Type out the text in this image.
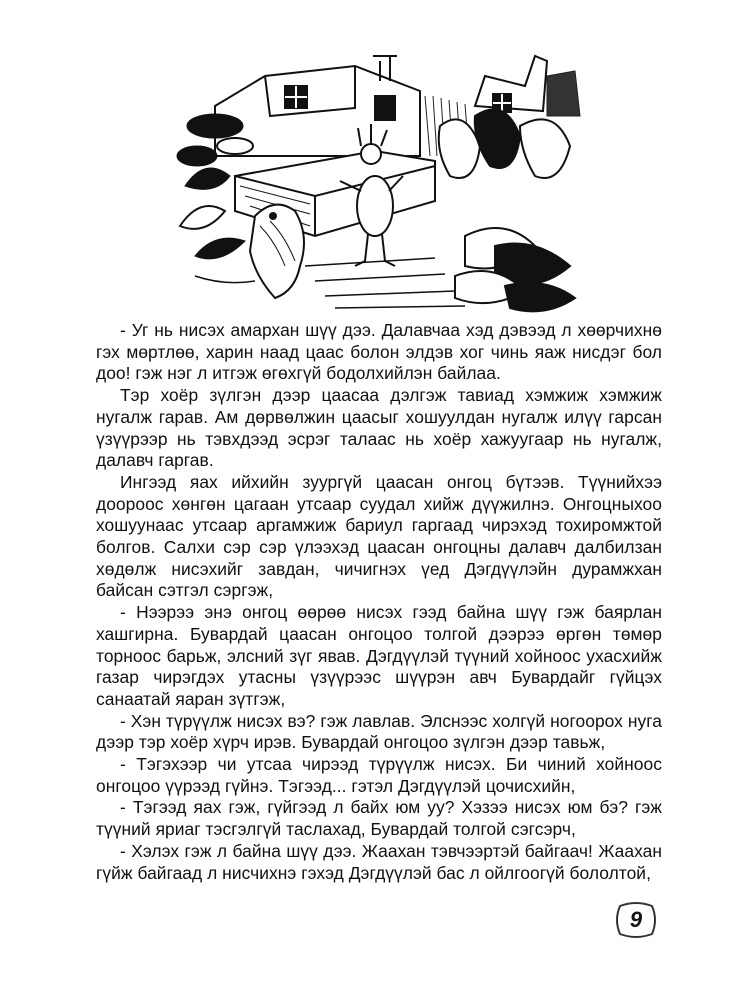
- Уг нь нисэх амархан шүү дээ. Далавчаа хэд дэвээд л хөөрчихнө гэх мөртлөө, харин наад цаас болон элдэв хог чинь яаж нисдэг бол доо! гэж нэг л итгэж өгөхгүй бодолхийлэн байлаа.

Тэр хоёр зүлгэн дээр цаасаа дэлгэж тавиад хэмжиж хэмжиж нугалж гарав. Ам дөрвөлжин цаасыг хошуулдан нугалж илүү гарсан үзүүрээр нь тэвхдээд эсрэг талаас нь хоёр хажуугаар нь нугалж, далавч гаргав.

Ингээд яах ийхийн зуургүй цаасан онгоц бүтээв. Түүнийхээ доороос хөнгөн цагаан утсаар суудал хийж дүүжилнэ. Онгоцныхоо хошуунаас утсаар аргамжиж бариул гаргаад чирэхэд тохиромжтой болгов. Салхи сэр сэр үлээхэд цаасан онгоцны далавч далбилзан хөдөлж нисэхийг завдан, чичигнэх үед Дэгдүүлэйн дурамжхан байсан сэтгэл сэргэж,

- Нээрээ энэ онгоц өөрөө нисэх гээд байна шүү гэж баярлан хашгирна. Бувардай цаасан онгоцоо толгой дээрээ өргөн төмөр торноос барьж, элсний зүг явав. Дэгдүүлэй түүний хойноос ухасхийж газар чирэгдэх утасны үзүүрээс шүүрэн авч Бувардайг гүйцэх санаатай яаран зүтгэж,

- Хэн түрүүлж нисэх вэ? гэж лавлав. Элснээс холгүй ногоорох нуга дээр тэр хоёр хүрч ирэв. Бувардай онгоцоо зүлгэн дээр тавьж,

- Тэгэхээр чи утсаа чирээд түрүүлж нисэх. Би чиний хойноос онгоцоо үүрээд гүйнэ. Тэгээд... гэтэл Дэгдүүлэй цочисхийн,

- Тэгээд яах гэж, гүйгээд л байх юм уу? Хэзээ нисэх юм бэ? гэж түүний яриаг тэсгэлгүй таслахад, Бувардай толгой сэгсэрч,

- Хэлэх гэж л байна шүү дээ. Жаахан тэвчээртэй байгаач! Жаахан гүйж байгаад л нисчихнэ гэхэд Дэгдүүлэй бас л ойлгоогүй бололтой,

9
